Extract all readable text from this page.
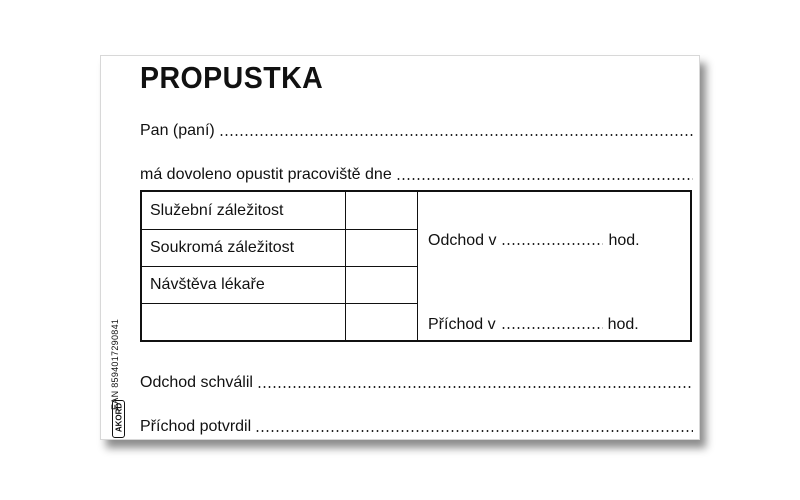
PROPUSTKA
Pan (paní)
má dovoleno opustit pracoviště dne
Služební záležitost
Soukromá záležitost
Návštěva lékaře
Odchod v	hod.
Příchod v	hod.
Odchod schválil
Příchod potvrdil
EAN 8594017290841
AKORD
